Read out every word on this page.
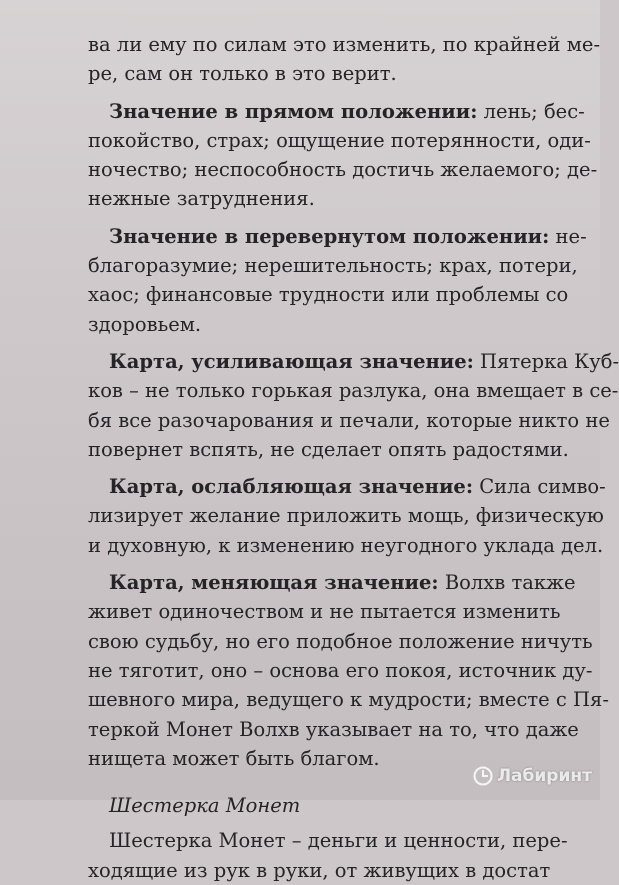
ва ли ему по силам это изменить, по крайней ме-
ре, сам он только в это верит.
Значение в прямом положении: лень; бес-
покойство, страх; ощущение потерянности, оди-
ночество; неспособность достичь желаемого; де-
нежные затруднения.
Значение в перевернутом положении: не-
благоразумие; нерешительность; крах, потери,
хаос; финансовые трудности или проблемы со
здоровьем.
Карта, усиливающая значение: Пятерка Куб-
ков – не только горькая разлука, она вмещает в се-
бя все разочарования и печали, которые никто не
повернет вспять, не сделает опять радостями.
Карта, ослабляющая значение: Сила симво-
лизирует желание приложить мощь, физическую
и духовную, к изменению неугодного уклада дел.
Карта, меняющая значение: Волхв также
живет одиночеством и не пытается изменить
свою судьбу, но его подобное положение ничуть
не тяготит, оно – основа его покоя, источник ду-
шевного мира, ведущего к мудрости; вместе с Пя-
теркой Монет Волхв указывает на то, что даже
нищета может быть благом.
Шестерка Монет
Шестерка Монет – деньги и ценности, пере-
ходящие из рук в руки, от живущих в достат
Лабиринт
